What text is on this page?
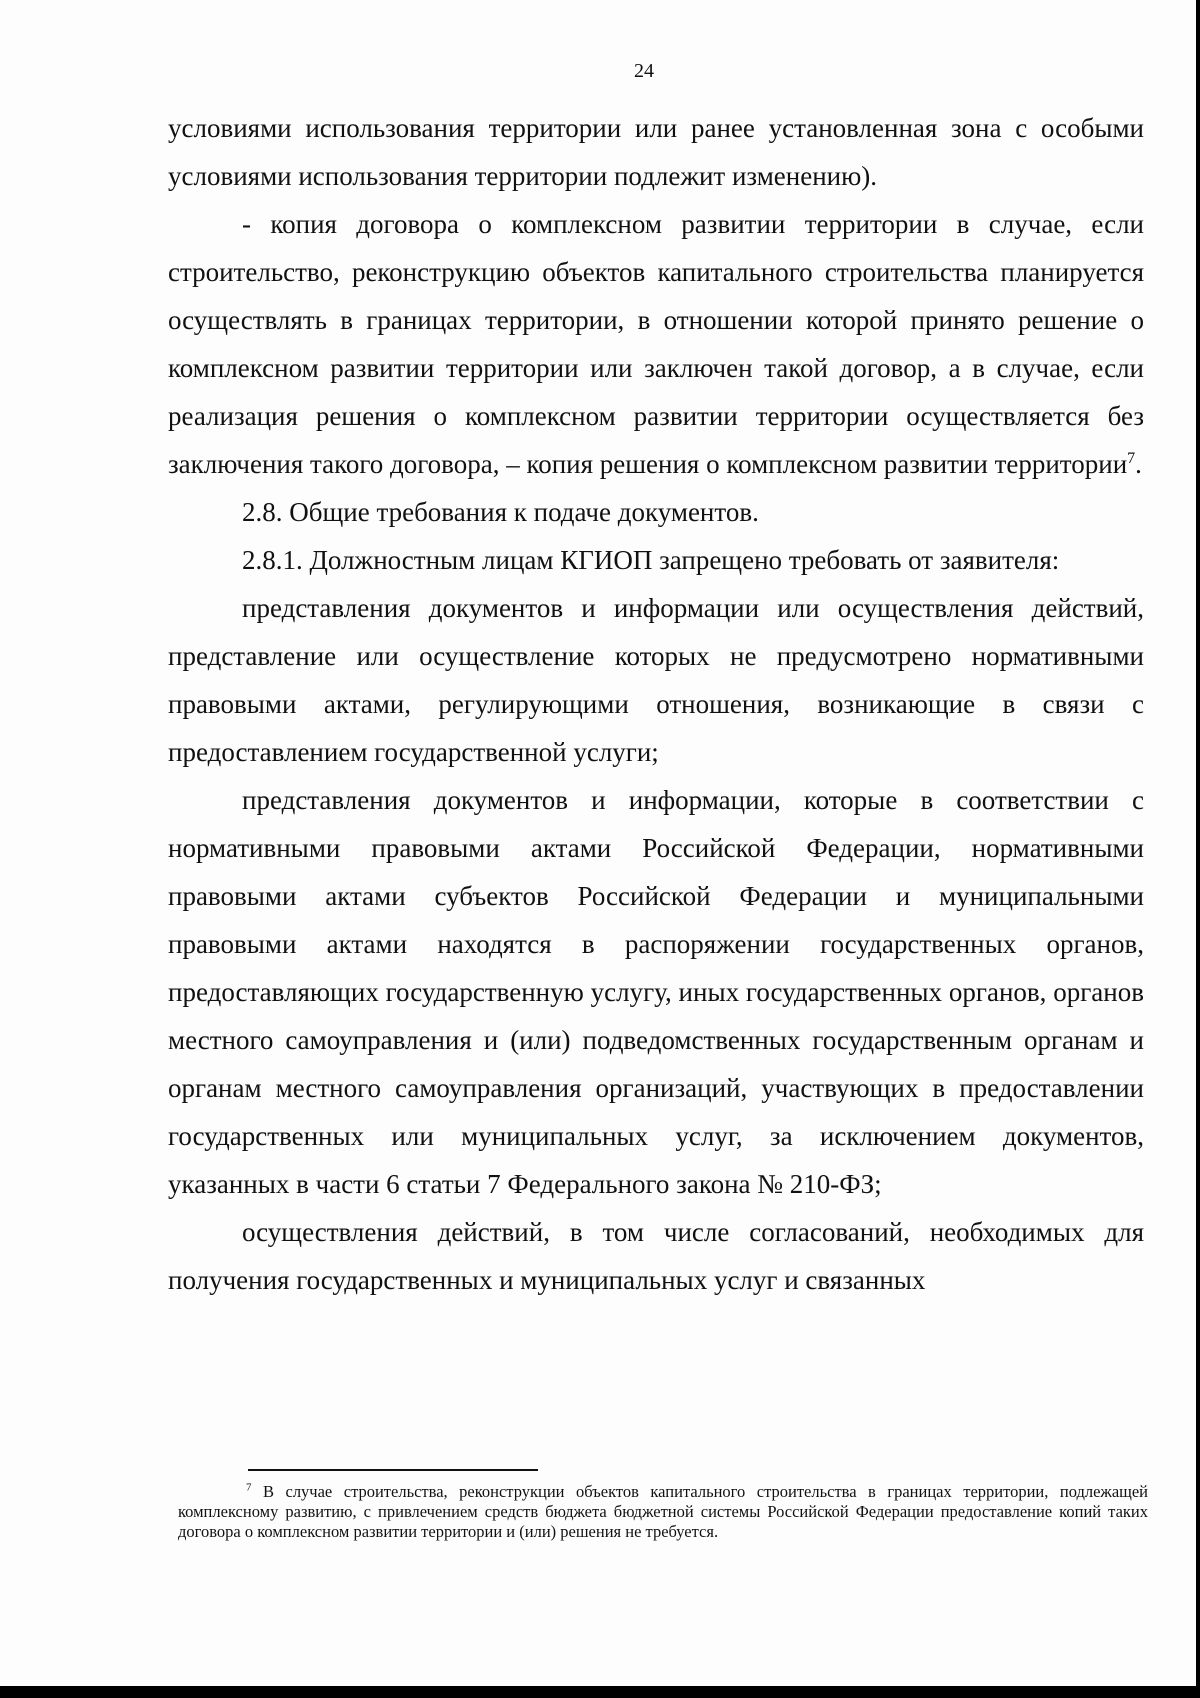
24

условиями использования территории или ранее установленная зона с особыми условиями использования территории подлежит изменению).

- копия договора о комплексном развитии территории в случае, если строительство, реконструкцию объектов капитального строительства планируется осуществлять в границах территории, в отношении которой принято решение о комплексном развитии территории или заключен такой договор, а в случае, если реализация решения о комплексном развитии территории осуществляется без заключения такого договора, – копия решения о комплексном развитии территории$^7$.

2.8. Общие требования к подаче документов.

2.8.1. Должностным лицам КГИОП запрещено требовать от заявителя:

представления документов и информации или осуществления действий, представление или осуществление которых не предусмотрено нормативными правовыми актами, регулирующими отношения, возникающие в связи с предоставлением государственной услуги;

представления документов и информации, которые в соответствии с нормативными правовыми актами Российской Федерации, нормативными правовыми актами субъектов Российской Федерации и муниципальными правовыми актами находятся в распоряжении государственных органов, предоставляющих государственную услугу, иных государственных органов, органов местного самоуправления и (или) подведомственных государственным органам и органам местного самоуправления организаций, участвующих в предоставлении государственных или муниципальных услуг, за исключением документов, указанных в части 6 статьи 7 Федерального закона № 210-ФЗ;

осуществления действий, в том числе согласований, необходимых для получения государственных и муниципальных услуг и связанных

$^7$ В случае строительства, реконструкции объектов капитального строительства в границах территории, подлежащей комплексному развитию, с привлечением средств бюджета бюджетной системы Российской Федерации предоставление копий таких договора о комплексном развитии территории и (или) решения не требуется.
